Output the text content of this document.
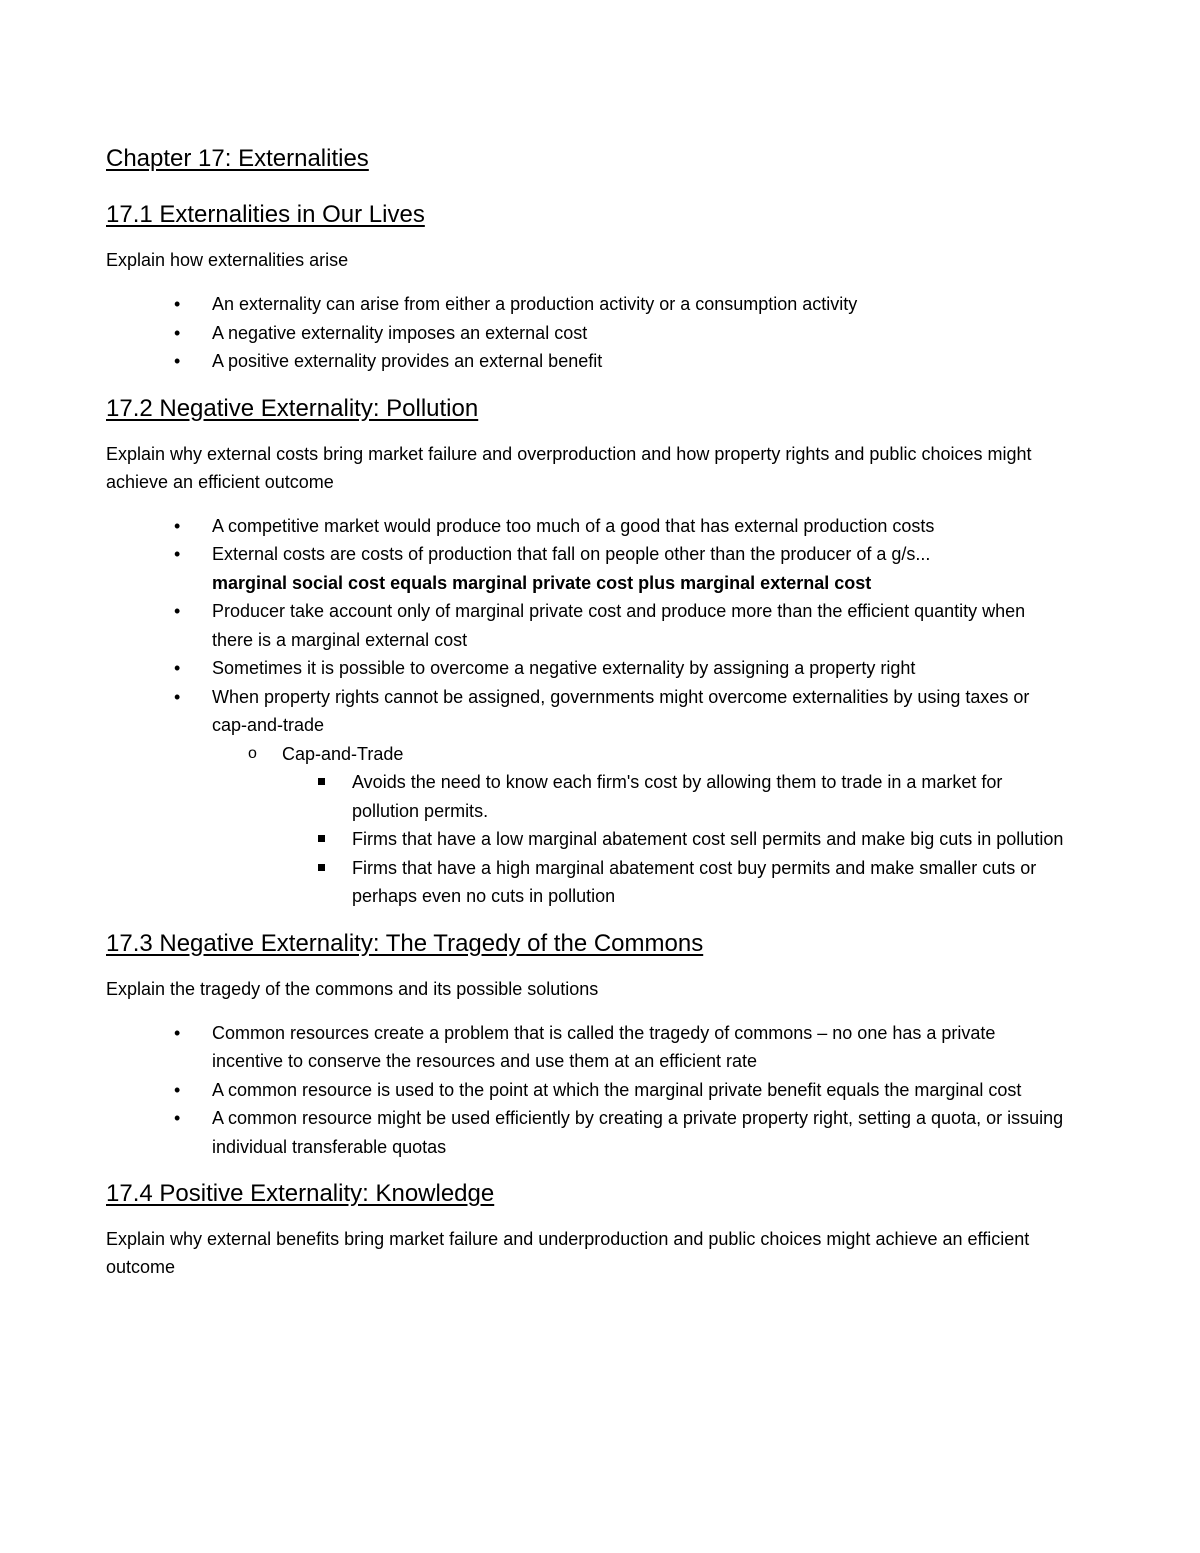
Chapter 17: Externalities
17.1 Externalities in Our Lives

Explain how externalities arise

• An externality can arise from either a production activity or a consumption activity
• A negative externality imposes an external cost
• A positive externality provides an external benefit
17.2 Negative Externality: Pollution

Explain why external costs bring market failure and overproduction and how property rights and public choices might achieve an efficient outcome

• A competitive market would produce too much of a good that has external production costs
• External costs are costs of production that fall on people other than the producer of a g/s...
marginal social cost equals marginal private cost plus marginal external cost
• Producer take account only of marginal private cost and produce more than the efficient quantity when there is a marginal external cost
• Sometimes it is possible to overcome a negative externality by assigning a property right
• When property rights cannot be assigned, governments might overcome externalities by using taxes or cap-and-trade
o Cap-and-Trade
Avoids the need to know each firm's cost by allowing them to trade in a market for pollution permits.
Firms that have a low marginal abatement cost sell permits and make big cuts in pollution
Firms that have a high marginal abatement cost buy permits and make smaller cuts or perhaps even no cuts in pollution
17.3 Negative Externality: The Tragedy of the Commons

Explain the tragedy of the commons and its possible solutions

• Common resources create a problem that is called the tragedy of commons – no one has a private incentive to conserve the resources and use them at an efficient rate
• A common resource is used to the point at which the marginal private benefit equals the marginal cost
• A common resource might be used efficiently by creating a private property right, setting a quota, or issuing individual transferable quotas
17.4 Positive Externality: Knowledge

Explain why external benefits bring market failure and underproduction and public choices might achieve an efficient outcome
